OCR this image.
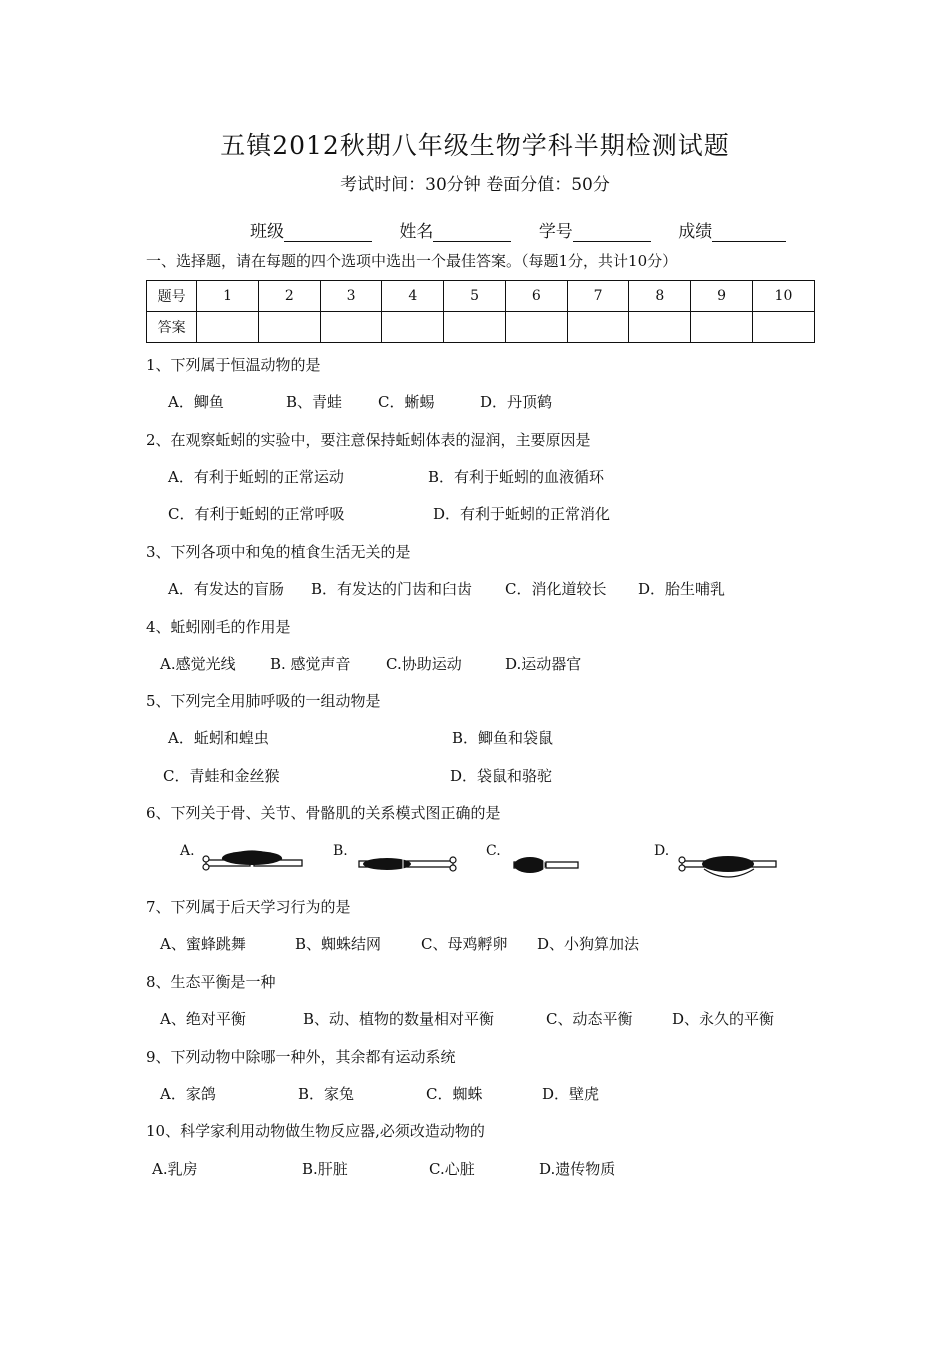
五镇2012秋期八年级生物学科半期检测试题
考试时间：30分钟 卷面分值：50分
班级	姓名	学号	成绩
一、选择题，请在每题的四个选项中选出一个最佳答案。（每题1分，共计10分）
题号	1	2	3	4	5	6	7	8	9	10
答案										
1、下列属于恒温动物的是
A．鲫鱼	B、青蛙 C．蜥蜴	D．丹顶鹤
2、在观察蚯蚓的实验中，要注意保持蚯蚓体表的湿润，主要原因是
A．有利于蚯蚓的正常运动	B．有利于蚯蚓的血液循环
C．有利于蚯蚓的正常呼吸	D．有利于蚯蚓的正常消化
3、下列各项中和兔的植食生活无关的是
A．有发达的盲肠 B．有发达的门齿和臼齿 C．消化道较长 D．胎生哺乳
4、蚯蚓刚毛的作用是
A.感觉光线 B. 感觉声音 C.协助运动	D.运动器官
5、下列完全用肺呼吸的一组动物是
A．蚯蚓和蝗虫	B．鲫鱼和袋鼠
C．青蛙和金丝猴	D．袋鼠和骆驼
6、下列关于骨、关节、骨骼肌的关系模式图正确的是
A.	B.	C.	D.
7、下列属于后天学习行为的是
A、蜜蜂跳舞	B、蜘蛛结网	C、母鸡孵卵 D、小狗算加法
8、生态平衡是一种
A、绝对平衡	B、动、植物的数量相对平衡	C、动态平衡	D、永久的平衡
9、下列动物中除哪一种外，其余都有运动系统
A．家鸽	B．家兔	C．蜘蛛	D．壁虎
10、科学家利用动物做生物反应器,必须改造动物的
A.乳房	B.肝脏	C.心脏	D.遗传物质
